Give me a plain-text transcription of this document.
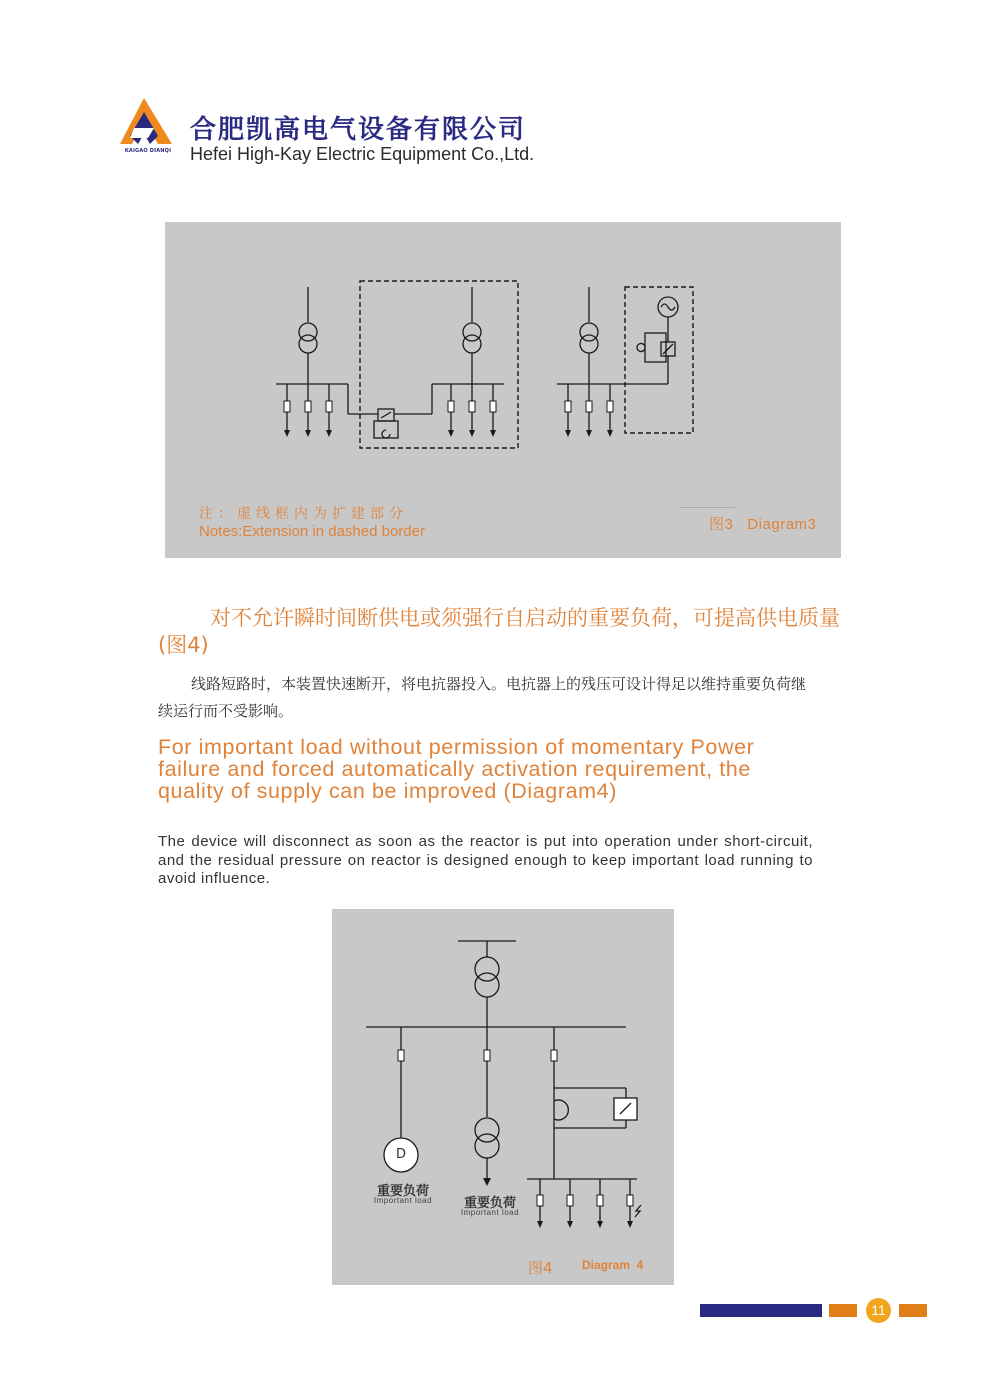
KAIGAO DIANQI
合肥凯高电气设备有限公司
Hefei High-Kay Electric Equipment Co.,Ltd.
注：虚线框内为扩建部分
Notes:Extension in dashed border	图3   Diagram3
对不允许瞬时间断供电或须强行自启动的重要负荷，可提高供电质量(图4)
线路短路时，本装置快速断开，将电抗器投入。电抗器上的残压可设计得足以维持重要负荷继续运行而不受影响。
For important load without permission of momentary Power failure and forced automatically activation requirement, the quality of supply can be improved (Diagram4)
The device will disconnect as soon as the reactor is put into operation under short-circuit, and the residual pressure on reactor is designed enough to keep important load running to avoid influence.
D
重要负荷
Important load	重要负荷
Important load
图4 Diagram  4
11
